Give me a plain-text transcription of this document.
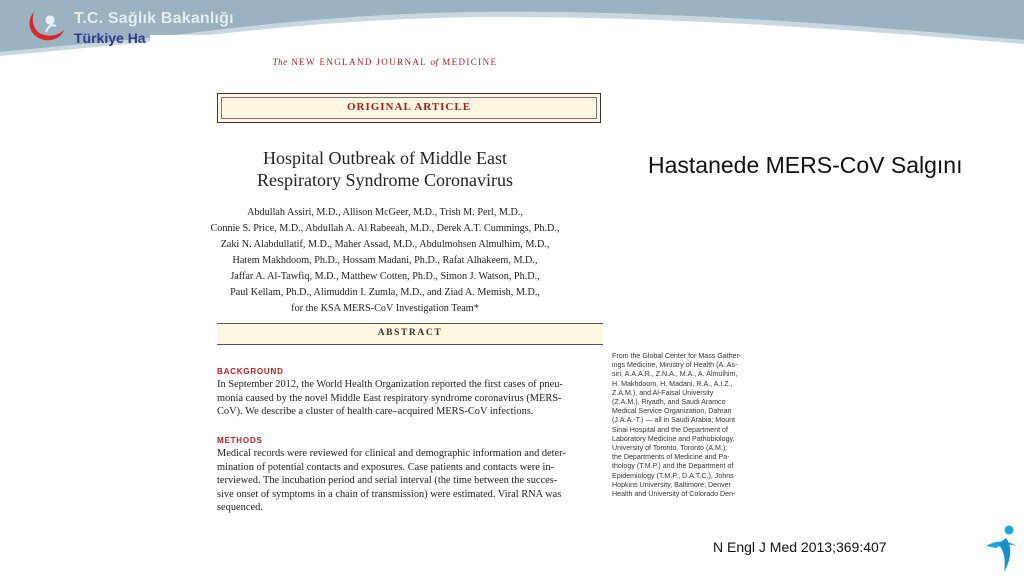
T.C. Sağlık Bakanlığı
Türkiye Ha
The NEW ENGLAND JOURNAL of MEDICINE
ORIGINAL ARTICLE
Hospital Outbreak of Middle East
Respiratory Syndrome Coronavirus
Abdullah Assiri, M.D., Allison McGeer, M.D., Trish M. Perl, M.D.,
Connie S. Price, M.D., Abdullah A. Al Rabeeah, M.D., Derek A.T. Cummings, Ph.D.,
Zaki N. Alabdullatif, M.D., Maher Assad, M.D., Abdulmohsen Almulhim, M.D.,
Hatem Makhdoom, Ph.D., Hossam Madani, Ph.D., Rafat Alhakeem, M.D.,
Jaffar A. Al-Tawfiq, M.D., Matthew Cotten, Ph.D., Simon J. Watson, Ph.D.,
Paul Kellam, Ph.D., Alimuddin I. Zumla, M.D., and Ziad A. Memish, M.D.,
for the KSA MERS-CoV Investigation Team*
ABSTRACT
BACKGROUND
In September 2012, the World Health Organization reported the first cases of pneu-
monia caused by the novel Middle East respiratory syndrome coronavirus (MERS-
CoV). We describe a cluster of health care–acquired MERS-CoV infections.
METHODS
Medical records were reviewed for clinical and demographic information and deter-
mination of potential contacts and exposures. Case patients and contacts were in-
terviewed. The incubation period and serial interval (the time between the succes-
sive onset of symptoms in a chain of transmission) were estimated. Viral RNA was
sequenced.
From the Global Center for Mass Gather-
ings Medicine, Ministry of Health (A. As-
siri, A.A.A.R., Z.N.A., M.A., A. Almulhim,
H. Makhdoom, H. Madani, R.A., A.I.Z.,
Z.A.M.), and Al-Faisal University
(Z.A.M.), Riyadh, and Saudi Aramco
Medical Service Organization, Dahran
(J.A.A.-T.) — all in Saudi Arabia; Mount
Sinai Hospital and the Department of
Laboratory Medicine and Pathobiology,
University of Toronto, Toronto (A.M.);
the Departments of Medicine and Pa-
thology (T.M.P.) and the Department of
Epidemiology (T.M.P., D.A.T.C.), Johns
Hopkins University, Baltimore; Denver
Health and University of Colorado Den-
Hastanede MERS-CoV Salgını
N Engl J Med 2013;369:407
